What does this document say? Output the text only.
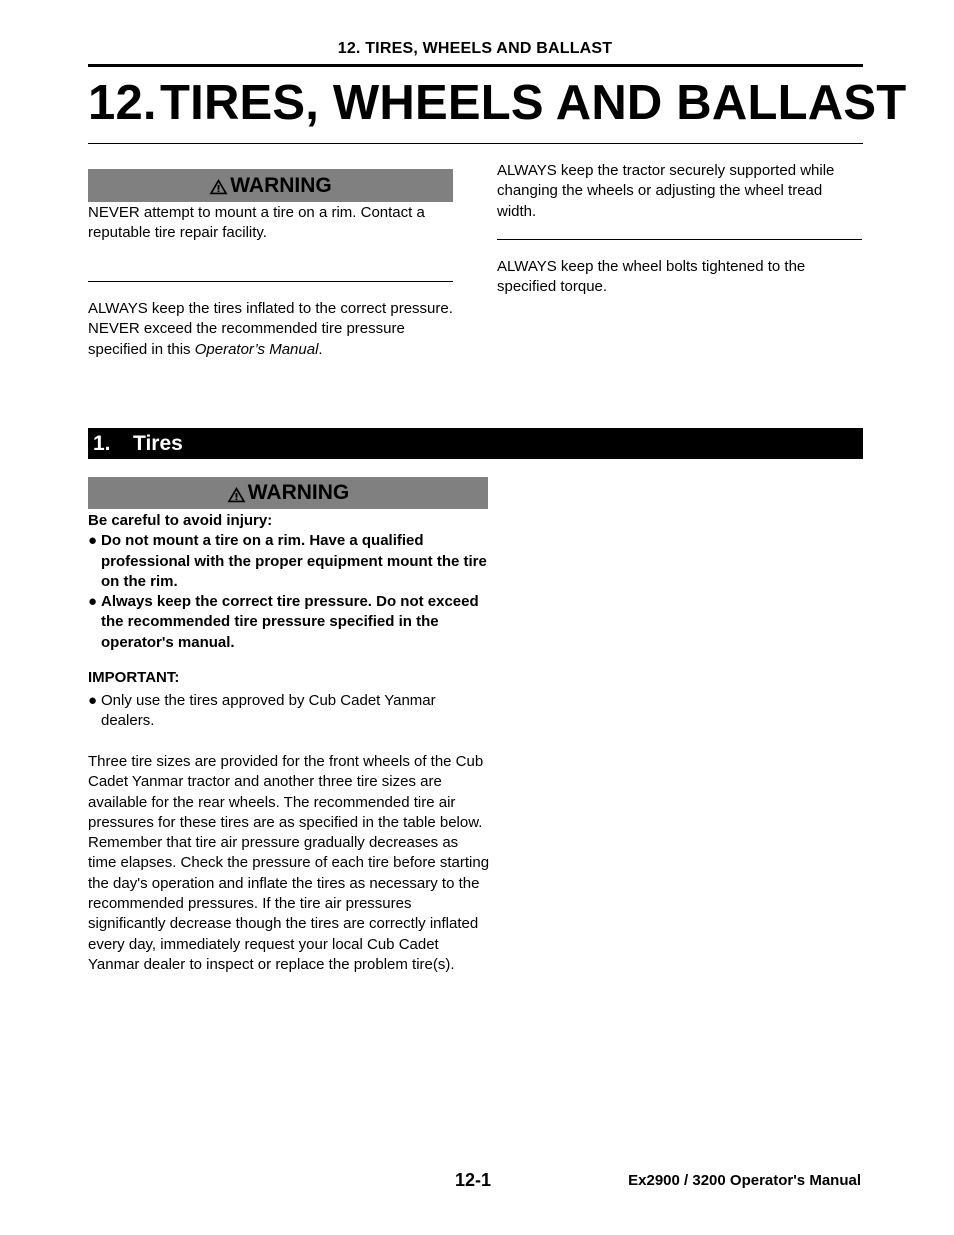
12. TIRES, WHEELS AND BALLAST
12.TIRES, WHEELS AND BALLAST
WARNING
NEVER attempt to mount a tire on a rim. Contact a reputable tire repair facility.
ALWAYS keep the tires inflated to the correct pressure. NEVER exceed the recommended tire pressure specified in this Operator’s Manual.
ALWAYS keep the tractor securely supported while changing the wheels or adjusting the wheel tread width.
ALWAYS keep the wheel bolts tightened to the specified torque.
1.	Tires
WARNING
Be careful to avoid injury:
● Do not mount a tire on a rim. Have a qualified professional with the proper equipment mount the tire on the rim.
● Always keep the correct tire pressure. Do not exceed the recommended tire pressure specified in the operator's manual.
IMPORTANT:
● Only use the tires approved by Cub Cadet Yanmar dealers.
Three tire sizes are provided for the front wheels of the Cub Cadet Yanmar tractor and another three tire sizes are available for the rear wheels. The recommended tire air pressures for these tires are as specified in the table below. Remember that tire air pressure gradually decreases as time elapses. Check the pressure of each tire before starting the day's operation and inflate the tires as necessary to the recommended pressures. If the tire air pressures significantly decrease though the tires are correctly inflated every day, immediately request your local Cub Cadet Yanmar dealer to inspect or replace the problem tire(s).
12-1	Ex2900 / 3200 Operator's Manual
